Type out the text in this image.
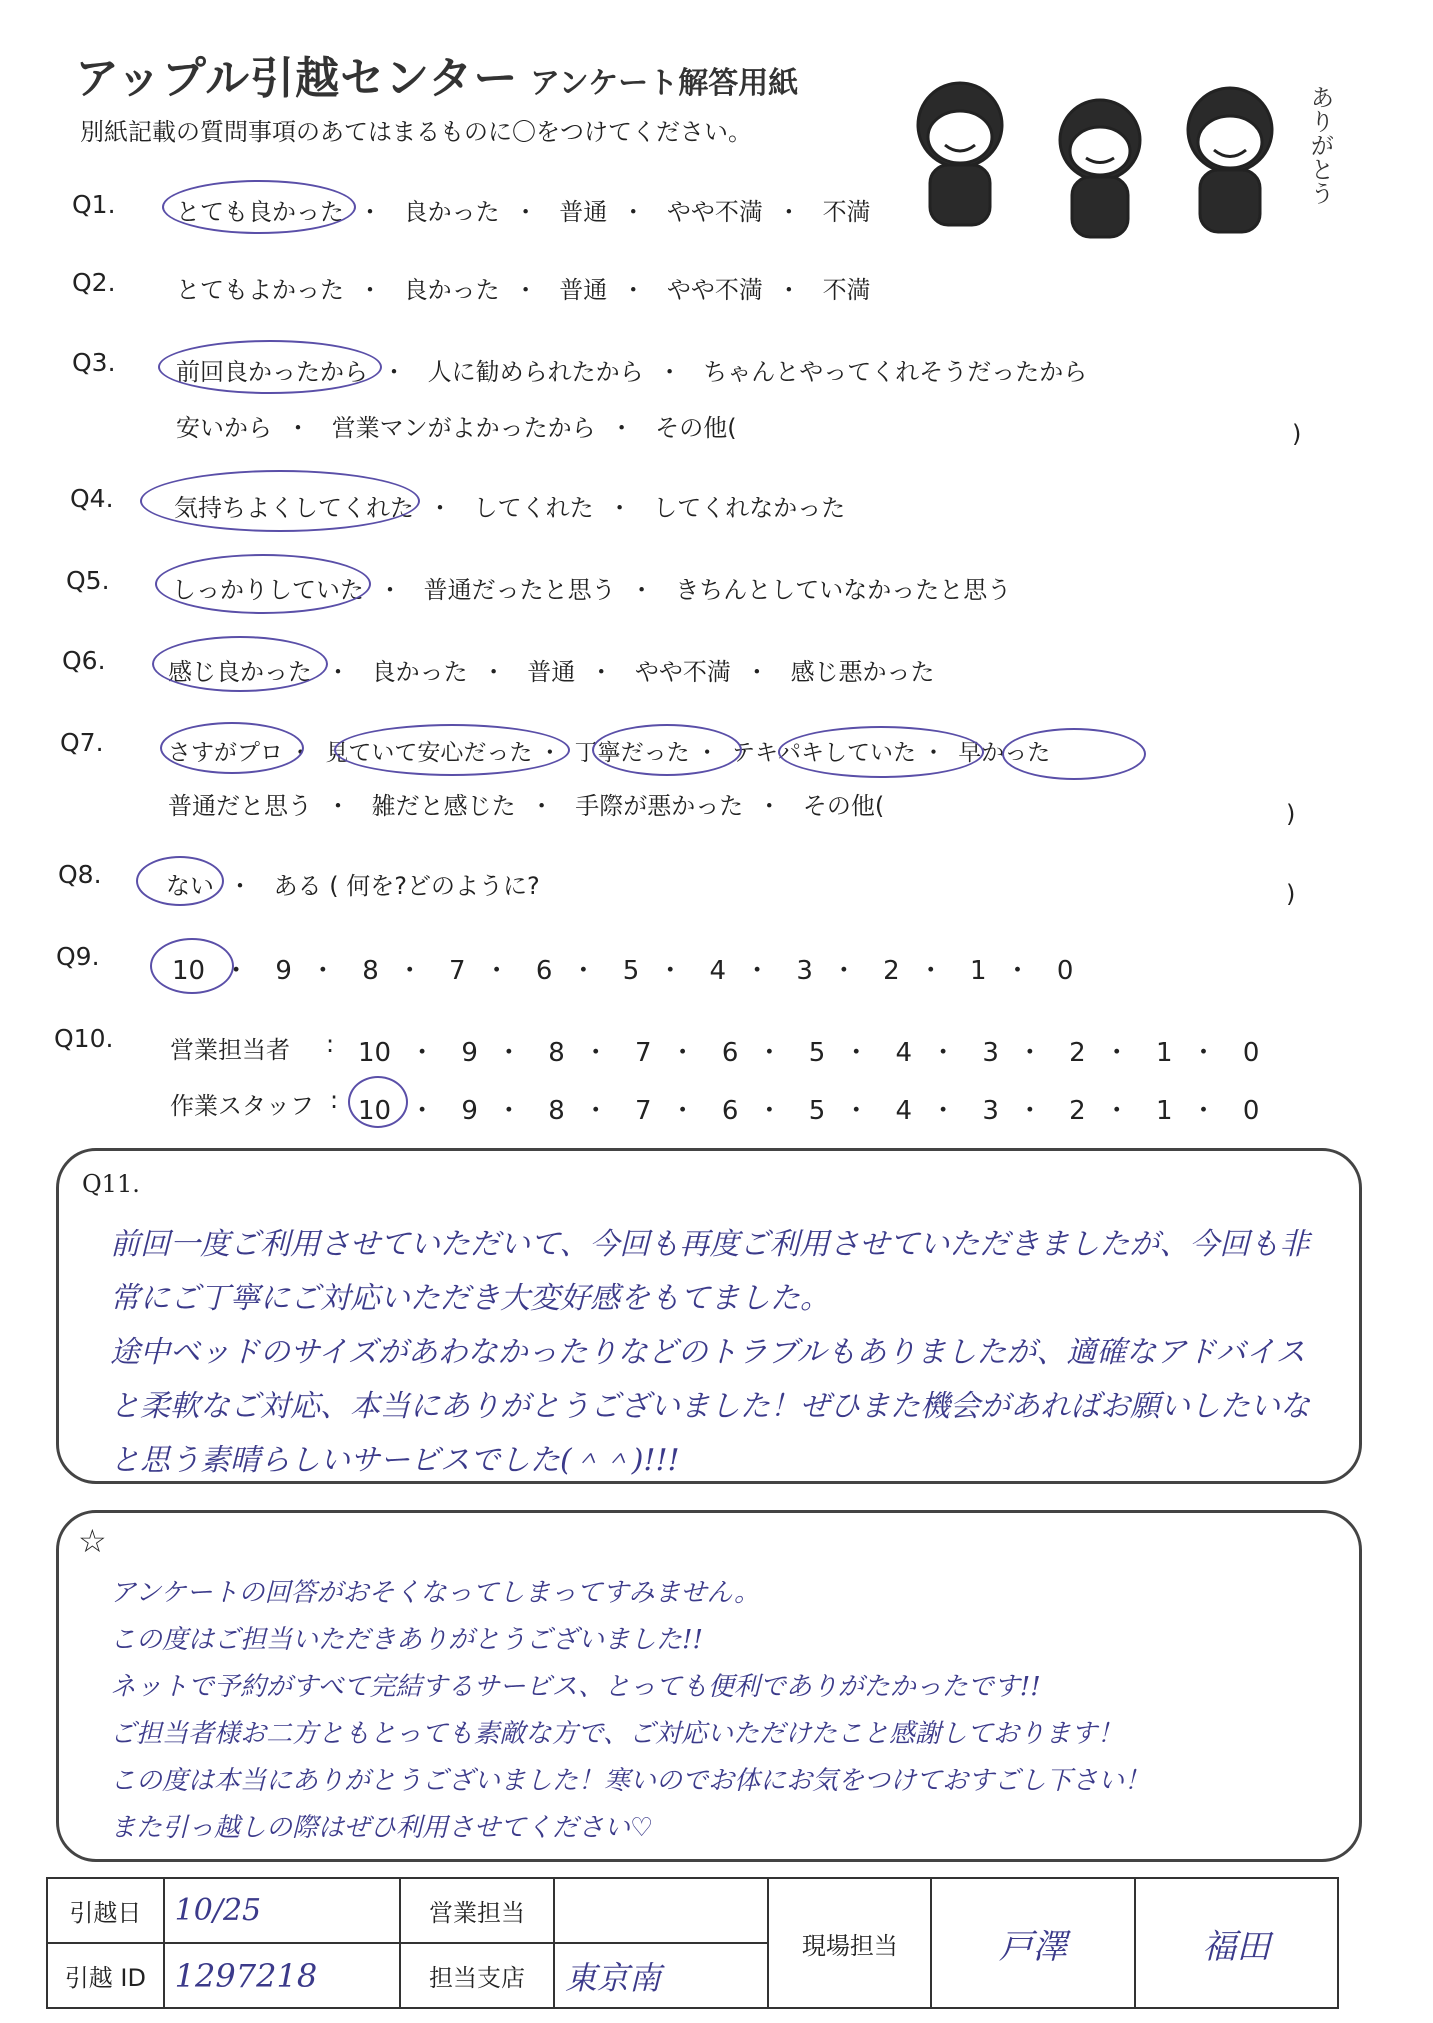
アップル引越センター アンケート解答用紙
別紙記載の質問事項のあてはまるものに〇をつけてください。	ありがとう
Q1.	とても良かった ・ 良かった ・ 普通 ・ やや不満 ・ 不満
Q2.	とてもよかった ・ 良かった ・ 普通 ・ やや不満 ・ 不満
Q3.	前回良かったから ・ 人に勧められたから ・ ちゃんとやってくれそうだったから
安いから ・ 営業マンがよかったから ・ その他(	)
Q4.	気持ちよくしてくれた ・ してくれた ・ してくれなかった
Q5.	しっかりしていた ・ 普通だったと思う ・ きちんとしていなかったと思う
Q6.	感じ良かった ・ 良かった ・ 普通 ・ やや不満 ・ 感じ悪かった
Q7.	さすがプロ ・ 見ていて安心だった ・ 丁寧だった ・ テキパキしていた ・ 早かった
普通だと思う ・ 雑だと感じた ・ 手際が悪かった ・ その他(	)
Q8.	ない ・ ある ( 何を?どのように?	)
Q9.	10 ・ 9 ・ 8 ・ 7 ・ 6 ・ 5 ・ 4 ・ 3 ・ 2 ・ 1 ・ 0
Q10. 営業担当者 : 10 ・ 9 ・ 8 ・ 7 ・ 6 ・ 5 ・ 4 ・ 3 ・ 2 ・ 1 ・ 0
作業スタッフ : 10 ・ 9 ・ 8 ・ 7 ・ 6 ・ 5 ・ 4 ・ 3 ・ 2 ・ 1 ・ 0
Q11.
前回一度ご利用させていただいて、今回も再度ご利用させていただきましたが、今回も非常にご丁寧にご対応いただき大変好感をもてました。
途中ベッドのサイズがあわなかったりなどのトラブルもありましたが、適確なアドバイスと柔軟なご対応、本当にありがとうございました！ぜひまた機会があればお願いしたいなと思う素晴らしいサービスでした(＾＾)!!!
☆
アンケートの回答がおそくなってしまってすみません。
この度はご担当いただきありがとうございました!!
ネットで予約がすべて完結するサービス、とっても便利でありがたかったです!!
ご担当者様お二方ともとっても素敵な方で、ご対応いただけたこと感謝しております！
この度は本当にありがとうございました！寒いのでお体にお気をつけておすごし下さい！
また引っ越しの際はぜひ利用させてください♡
引越日	10/25	営業担当		現場担当	戸澤	福田
引越 ID	1297218	担当支店	東京南			
